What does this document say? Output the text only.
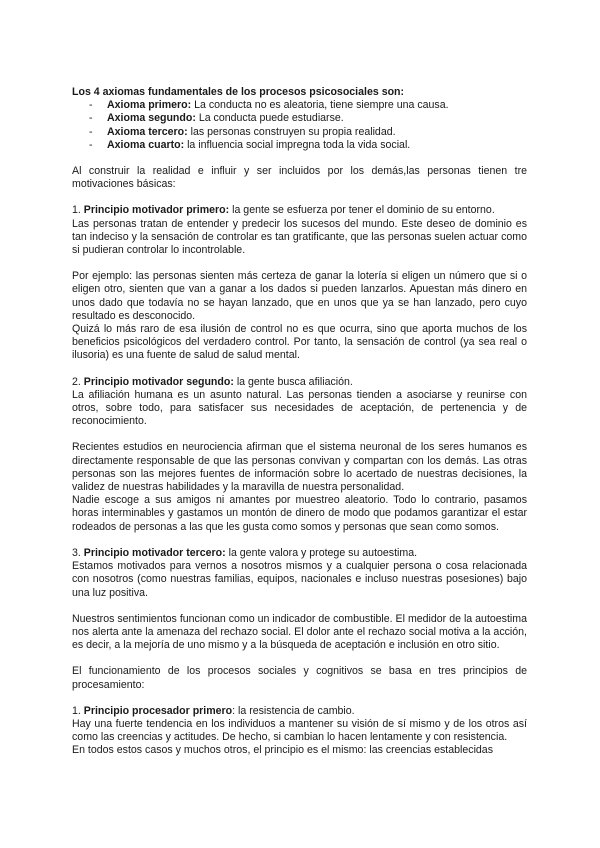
Los 4 axiomas fundamentales de los procesos psicosociales son:

- Axioma primero: La conducta no es aleatoria, tiene siempre una causa.
- Axioma segundo: La conducta puede estudiarse.
- Axioma tercero: las personas construyen su propia realidad.
- Axioma cuarto: la influencia social impregna toda la vida social.

Al construir la realidad e influir y ser incluidos por los demás,las personas tienen tre motivaciones básicas:

1. Principio motivador primero: la gente se esfuerza por tener el dominio de su entorno.

Las personas tratan de entender y predecir los sucesos del mundo. Este deseo de dominio es tan indeciso y la sensación de controlar es tan gratificante, que las personas suelen actuar como si pudieran controlar lo incontrolable.

Por ejemplo: las personas sienten más certeza de ganar la lotería si eligen un número que si o eligen otro, sienten que van a ganar a los dados si pueden lanzarlos. Apuestan más dinero en unos dado que todavía no se hayan lanzado, que en unos que ya se han lanzado, pero cuyo resultado es desconocido.

Quizá lo más raro de esa ilusión de control no es que ocurra, sino que aporta muchos de los beneficios psicológicos del verdadero control. Por tanto, la sensación de control (ya sea real o ilusoria) es una fuente de salud de salud mental.

2. Principio motivador segundo: la gente busca afiliación.

La afiliación humana es un asunto natural. Las personas tienden a asociarse y reunirse con otros, sobre todo, para satisfacer sus necesidades de aceptación, de pertenencia y de reconocimiento.

Recientes estudios en neurociencia afirman que el sistema neuronal de los seres humanos es directamente responsable de que las personas convivan y compartan con los demás. Las otras personas son las mejores fuentes de información sobre lo acertado de nuestras decisiones, la validez de nuestras habilidades y la maravilla de nuestra personalidad.

Nadie escoge a sus amigos ni amantes por muestreo aleatorio. Todo lo contrario, pasamos horas interminables y gastamos un montón de dinero de modo que podamos garantizar el estar rodeados de personas a las que les gusta como somos y personas que sean como somos.

3. Principio motivador tercero: la gente valora y protege su autoestima.

Estamos motivados para vernos a nosotros mismos y a cualquier persona o cosa relacionada con nosotros (como nuestras familias, equipos, nacionales e incluso nuestras posesiones) bajo una luz positiva.

Nuestros sentimientos funcionan como un indicador de combustible. El medidor de la autoestima nos alerta ante la amenaza del rechazo social. El dolor ante el rechazo social motiva a la acción, es decir, a la mejoría de uno mismo y a la búsqueda de aceptación e inclusión en otro sitio.

El funcionamiento de los procesos sociales y cognitivos se basa en tres principios de procesamiento:

1. Principio procesador primero: la resistencia de cambio.

Hay una fuerte tendencia en los individuos a mantener su visión de sí mismo y de los otros así como las creencias y actitudes. De hecho, si cambian lo hacen lentamente y con resistencia.

En todos estos casos y muchos otros, el principio es el mismo: las creencias establecidas
